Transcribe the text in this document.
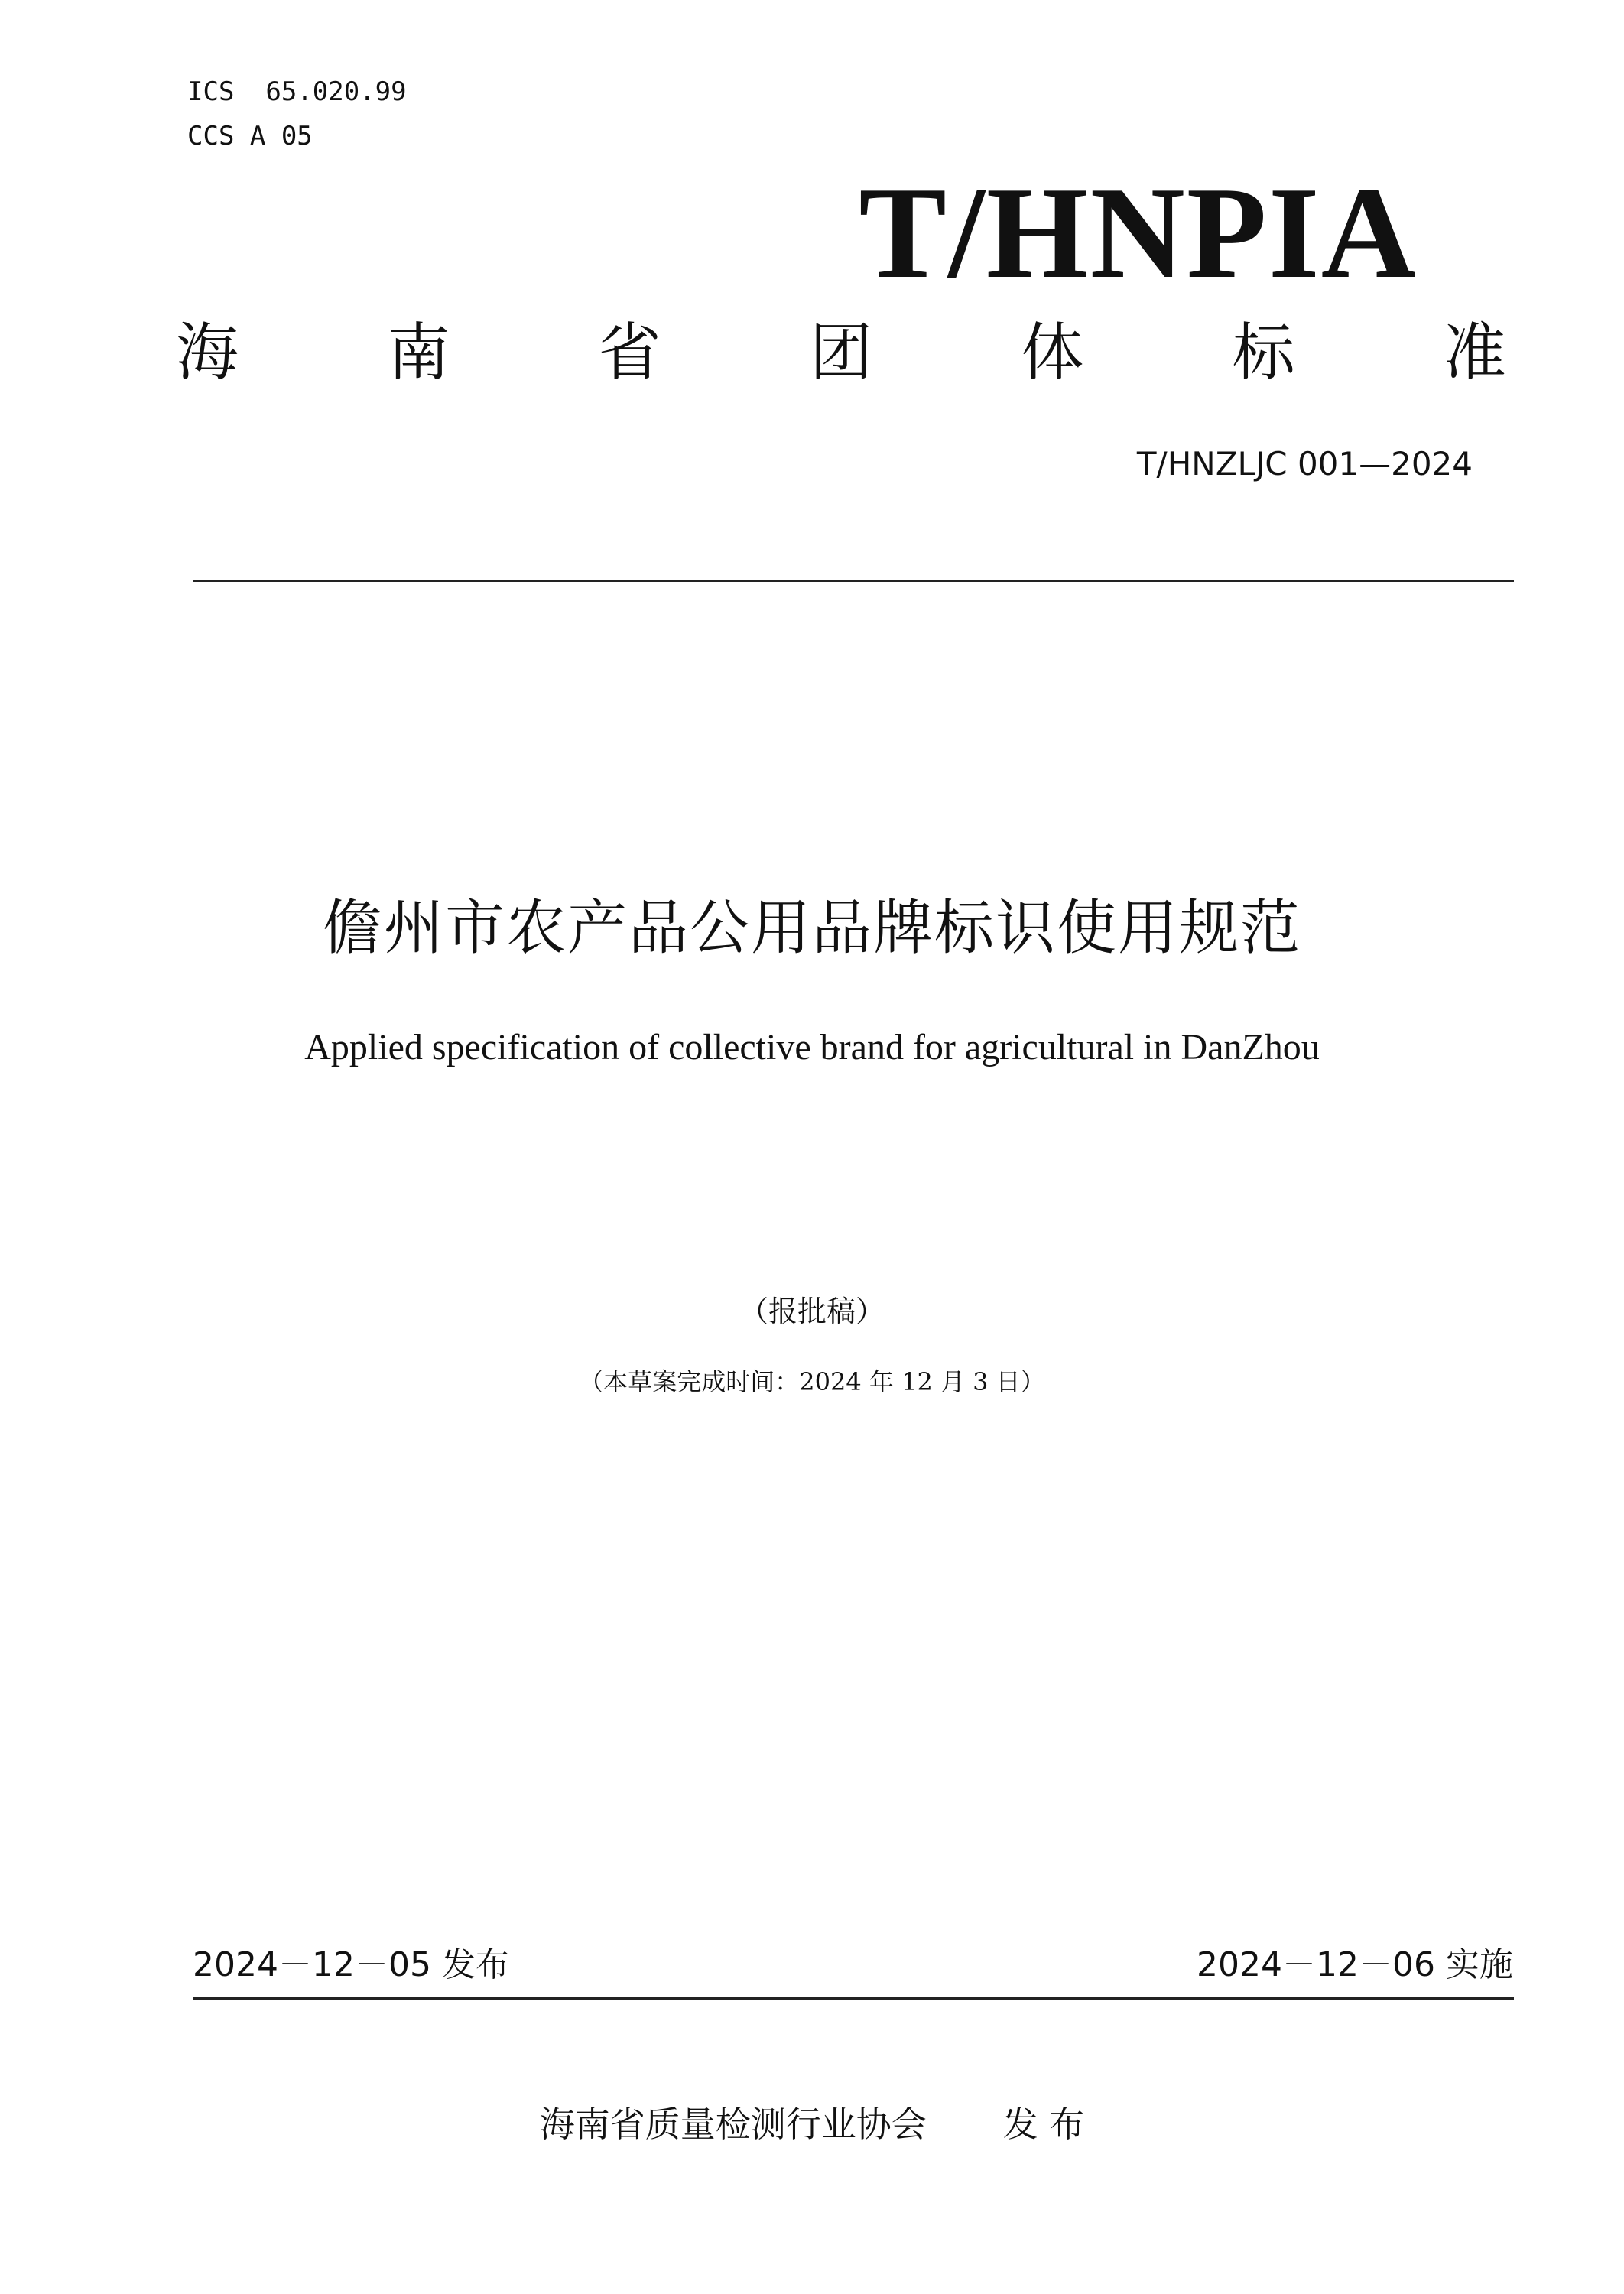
ICS  65.020.99
CCS A 05
T/HNPIA
海 南 省 团 体 标 准
T/HNZLJC 001—2024
儋州市农产品公用品牌标识使用规范
Applied specification of collective brand for agricultural in DanZhou
（报批稿）
（本草案完成时间：2024 年 12 月 3 日）
2024－12－05 发布	2024－12－06 实施
海南省质量检测行业协会 发 布
